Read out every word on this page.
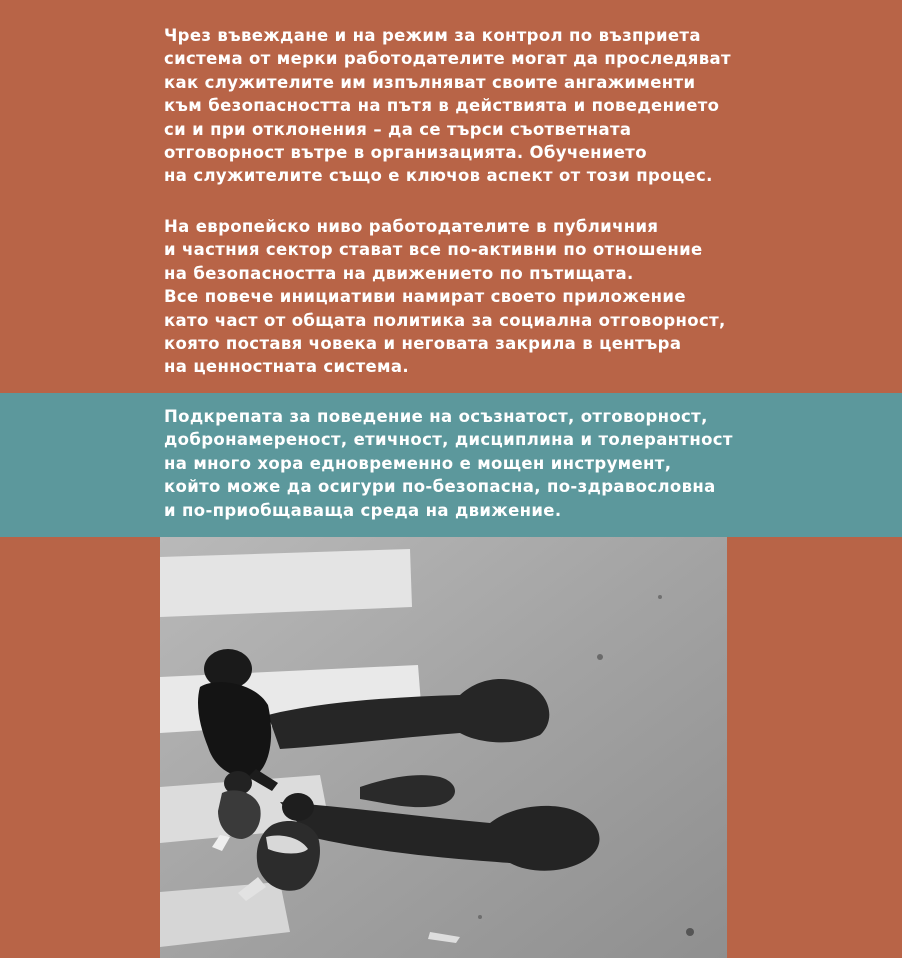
Чрез въвеждане и на режим за контрол по възприета
система от мерки работодателите могат да проследяват
как служителите им изпълняват своите ангажименти
към безопасността на пътя в действията и поведението
си и при отклонения – да се търси съответната
отговорност вътре в организацията. Обучението
на служителите също е ключов аспект от този процес.
На европейско ниво работодателите в публичния
и частния сектор стават все по-активни по отношение
на безопасността на движението по пътищата.
Все повече инициативи намират своето приложение
като част от общата политика за социална отговорност,
която поставя човека и неговата закрила в центъра
на ценностната система.
Подкрепата за поведение на осъзнатост, отговорност,
добронамереност, етичност, дисциплина и толерантност
на много хора едновременно е мощен инструмент,
който може да осигури по-безопасна, по-здравословна
и по-приобщаваща среда на движение.
